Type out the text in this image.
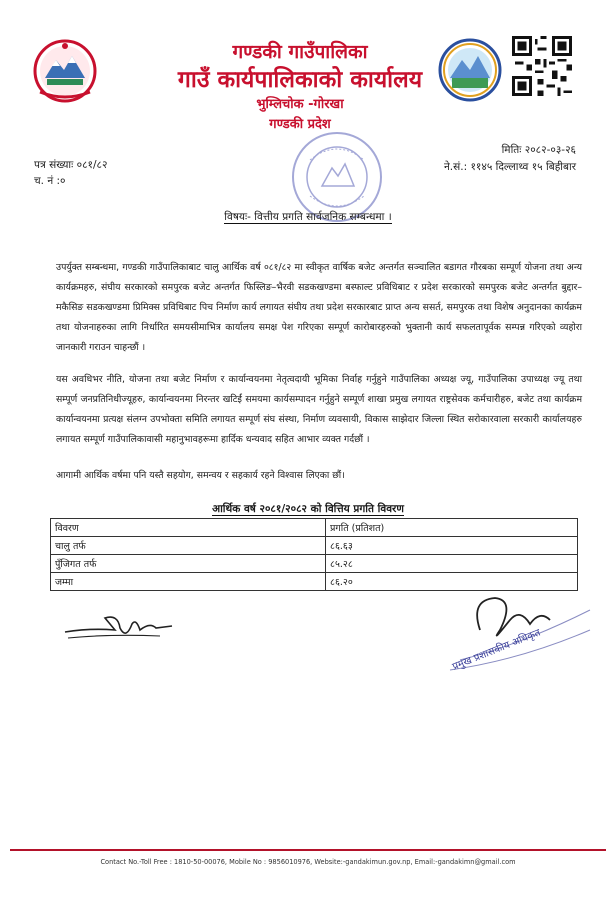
गण्डकी गाउँपालिका
गाउँ कार्यपालिकाको कार्यालय
भुम्लिचोक -गोरखा
गण्डकी प्रदेश
पत्र संख्याः ०८१/८२
च. नं :०
मितिः २०८२-०३-२६
ने.सं.: ११४५ दिल्लाथ्व १५ बिहीबार
विषयः- वित्तीय प्रगति सार्वजनिक सम्बन्धमा ।
उपर्युक्त सम्बन्धमा, गण्डकी गाउँपालिकाबाट चालु आर्थिक वर्ष ०८१/८२ मा स्वीकृत वार्षिक बजेट अन्तर्गत सञ्चालित बडागत गौरबका सम्पूर्ण योजना तथा अन्य कार्यक्रमहरु, संघीय सरकारको समपुरक बजेट अन्तर्गत फिस्लिङ–भैरवी सडकखण्डमा बस्फाल्ट प्रविधिबाट र प्रदेश सरकारको समपुरक बजेट अन्तर्गत बुद्दार–मकैसिङ सडकखण्डमा प्रिमिक्स प्रविधिबाट पिच निर्माण कार्य लगायत संघीय तथा प्रदेश सरकारबाट प्राप्त अन्य ससर्त, समपुरक तथा विशेष अनुदानका कार्यक्रम तथा योजनाहरुका लागि निर्धारित समयसीमाभित्र कार्यालय समक्ष पेश गरिएका सम्पूर्ण कारोबारहरुको भुक्तानी कार्य सफलतापूर्वक सम्पन्न गरिएको व्यहोरा जानकारी गराउन चाहन्छौं ।
यस अवधिभर नीति, योजना तथा बजेट निर्माण र कार्यान्वयनमा नेतृत्वदायी भूमिका निर्वाह गर्नुहुने गाउँपालिका अध्यक्ष ज्यू, गाउँपालिका उपाध्यक्ष ज्यू तथा सम्पूर्ण जनप्रतिनिधीज्यूहरु, कार्यान्वयनमा निरन्तर खटिर्ई समयमा कार्यसम्पादन गर्नुहुने सम्पूर्ण शाखा प्रमुख लगायत राष्ट्रसेवक कर्मचारीहरु, बजेट तथा कार्यक्रम कार्यान्वयनमा प्रत्यक्ष संलग्न उपभोक्ता समिति लगायत सम्पूर्ण संघ संस्था, निर्माण व्यवसायी, विकास साझेदार जिल्ला स्थित सरोकारवाला सरकारी कार्यालयहरु लगायत सम्पूर्ण गाउँपालिकावासी महानुभावहरूमा हार्दिक धन्यवाद सहित आभार व्यक्त गर्दछौं ।
आगामी आर्थिक वर्षमा पनि यस्तै सहयोग, समन्वय र सहकार्य रहने विश्वास लिएका छौं।
आर्थिक वर्ष २०८१/२०८२ को वित्तिय प्रगति विवरण
विवरण	प्रगति (प्रतिशत)
चालु तर्फ	८६.६३
पुँजिगत तर्फ	८५.२८
जम्मा	८६.२०
प्रमुख प्रशासकीय अधिकृत
Contact No.-Toll Free : 1810-50-00076, Mobile No : 9856010976, Website:-gandakimun.gov.np, Email:-gandakimn@gmail.com
